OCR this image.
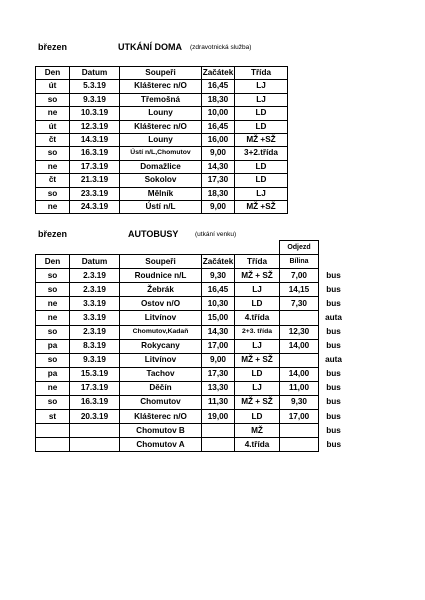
březen	UTKÁNÍ DOMA (zdravotnická služba)
Den	Datum	Soupeři	Začátek	Třída
út	5.3.19	Klášterec n/O	16,45	LJ
so	9.3.19	Třemošná	18,30	LJ
ne	10.3.19	Louny	10,00	LD
út	12.3.19	Klášterec n/O	16,45	LD
čt	14.3.19	Louny	16,00	MŽ +SŽ
so	16.3.19	Ústí n/L,Chomutov	9,00	3+2.třída
ne	17.3.19	Domažlice	14,30	LD
čt	21.3.19	Sokolov	17,30	LD
so	23.3.19	Mělník	18,30	LJ
ne	24.3.19	Ústí n/L	9,00	MŽ +SŽ
březen	AUTOBUSY	(utkání venku)
					Odjezd	
Den	Datum	Soupeři	Začátek	Třída	Bílina	
so	2.3.19	Roudnice n/L	9,30	MŽ + SŽ	7,00	bus
so	2.3.19	Žebrák	16,45	LJ	14,15	bus
ne	3.3.19	Ostov n/O	10,30	LD	7,30	bus
ne	3.3.19	Litvínov	15,00	4.třída		auta
so	2.3.19	Chomutov,Kadaň	14,30	2+3. třída	12,30	bus
pa	8.3.19	Rokycany	17,00	LJ	14,00	bus
so	9.3.19	Litvínov	9,00	MŽ + SŽ		auta
pa	15.3.19	Tachov	17,30	LD	14,00	bus
ne	17.3.19	Děčín	13,30	LJ	11,00	bus
so	16.3.19	Chomutov	11,30	MŽ + SŽ	9,30	bus
st	20.3.19	Klášterec n/O	19,00	LD	17,00	bus
		Chomutov B		MŽ		bus
		Chomutov A		4.třída		bus
